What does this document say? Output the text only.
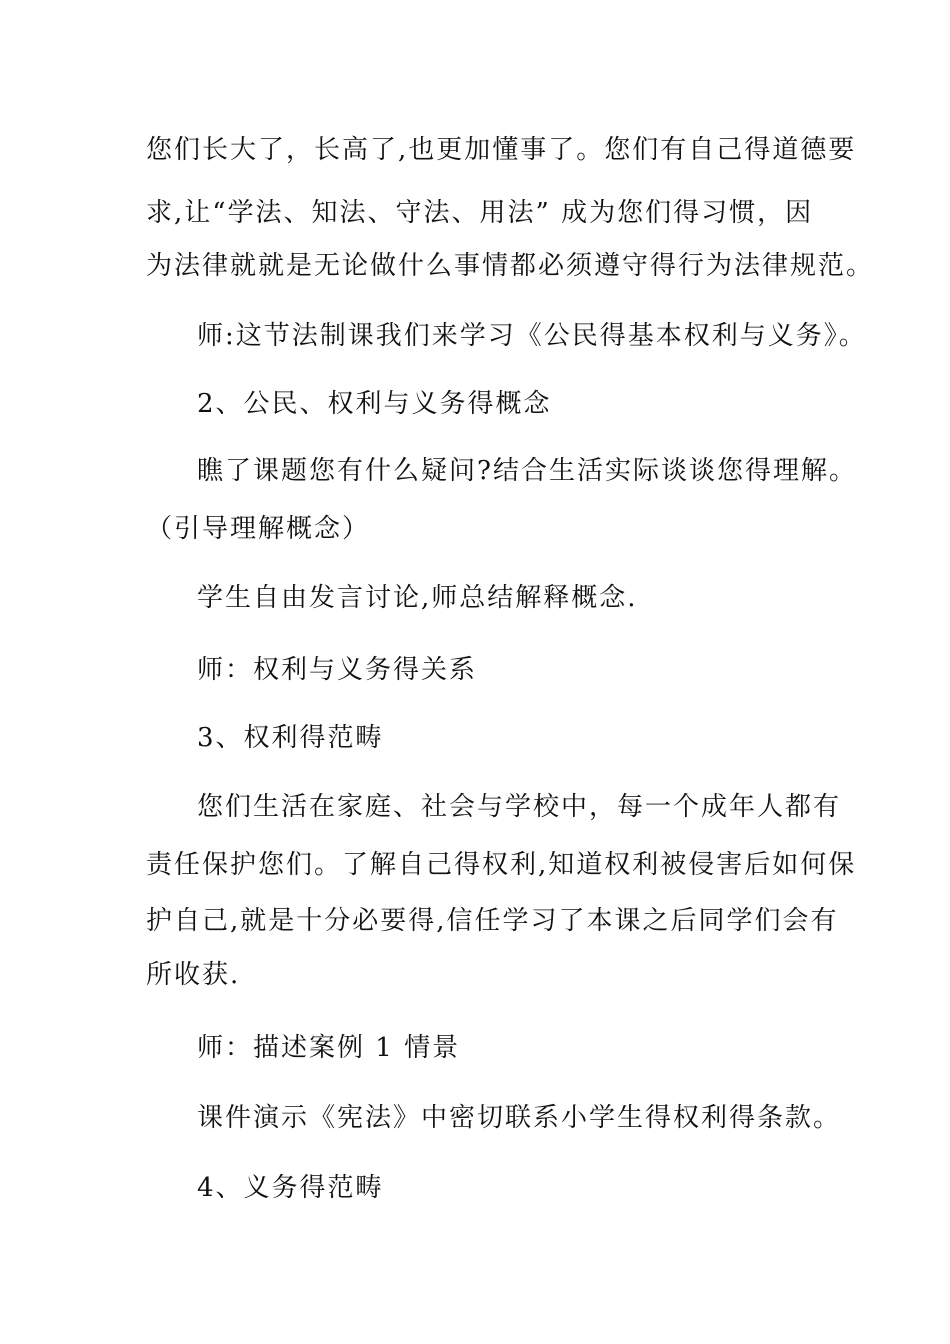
您们长大了，长高了,也更加懂事了。您们有自己得道德要
求,让“学法、知法、守法、用法” 成为您们得习惯，因
为法律就就是无论做什么事情都必须遵守得行为法律规范。
师:这节法制课我们来学习《公民得基本权利与义务》。
2、公民、权利与义务得概念
瞧了课题您有什么疑问?结合生活实际谈谈您得理解。
（引导理解概念）
学生自由发言讨论,师总结解释概念.
师：权利与义务得关系
3、权利得范畴
您们生活在家庭、社会与学校中，每一个成年人都有
责任保护您们。了解自己得权利,知道权利被侵害后如何保
护自己,就是十分必要得,信任学习了本课之后同学们会有
所收获.
师：描述案例 1 情景
课件演示《宪法》中密切联系小学生得权利得条款。
4、义务得范畴
